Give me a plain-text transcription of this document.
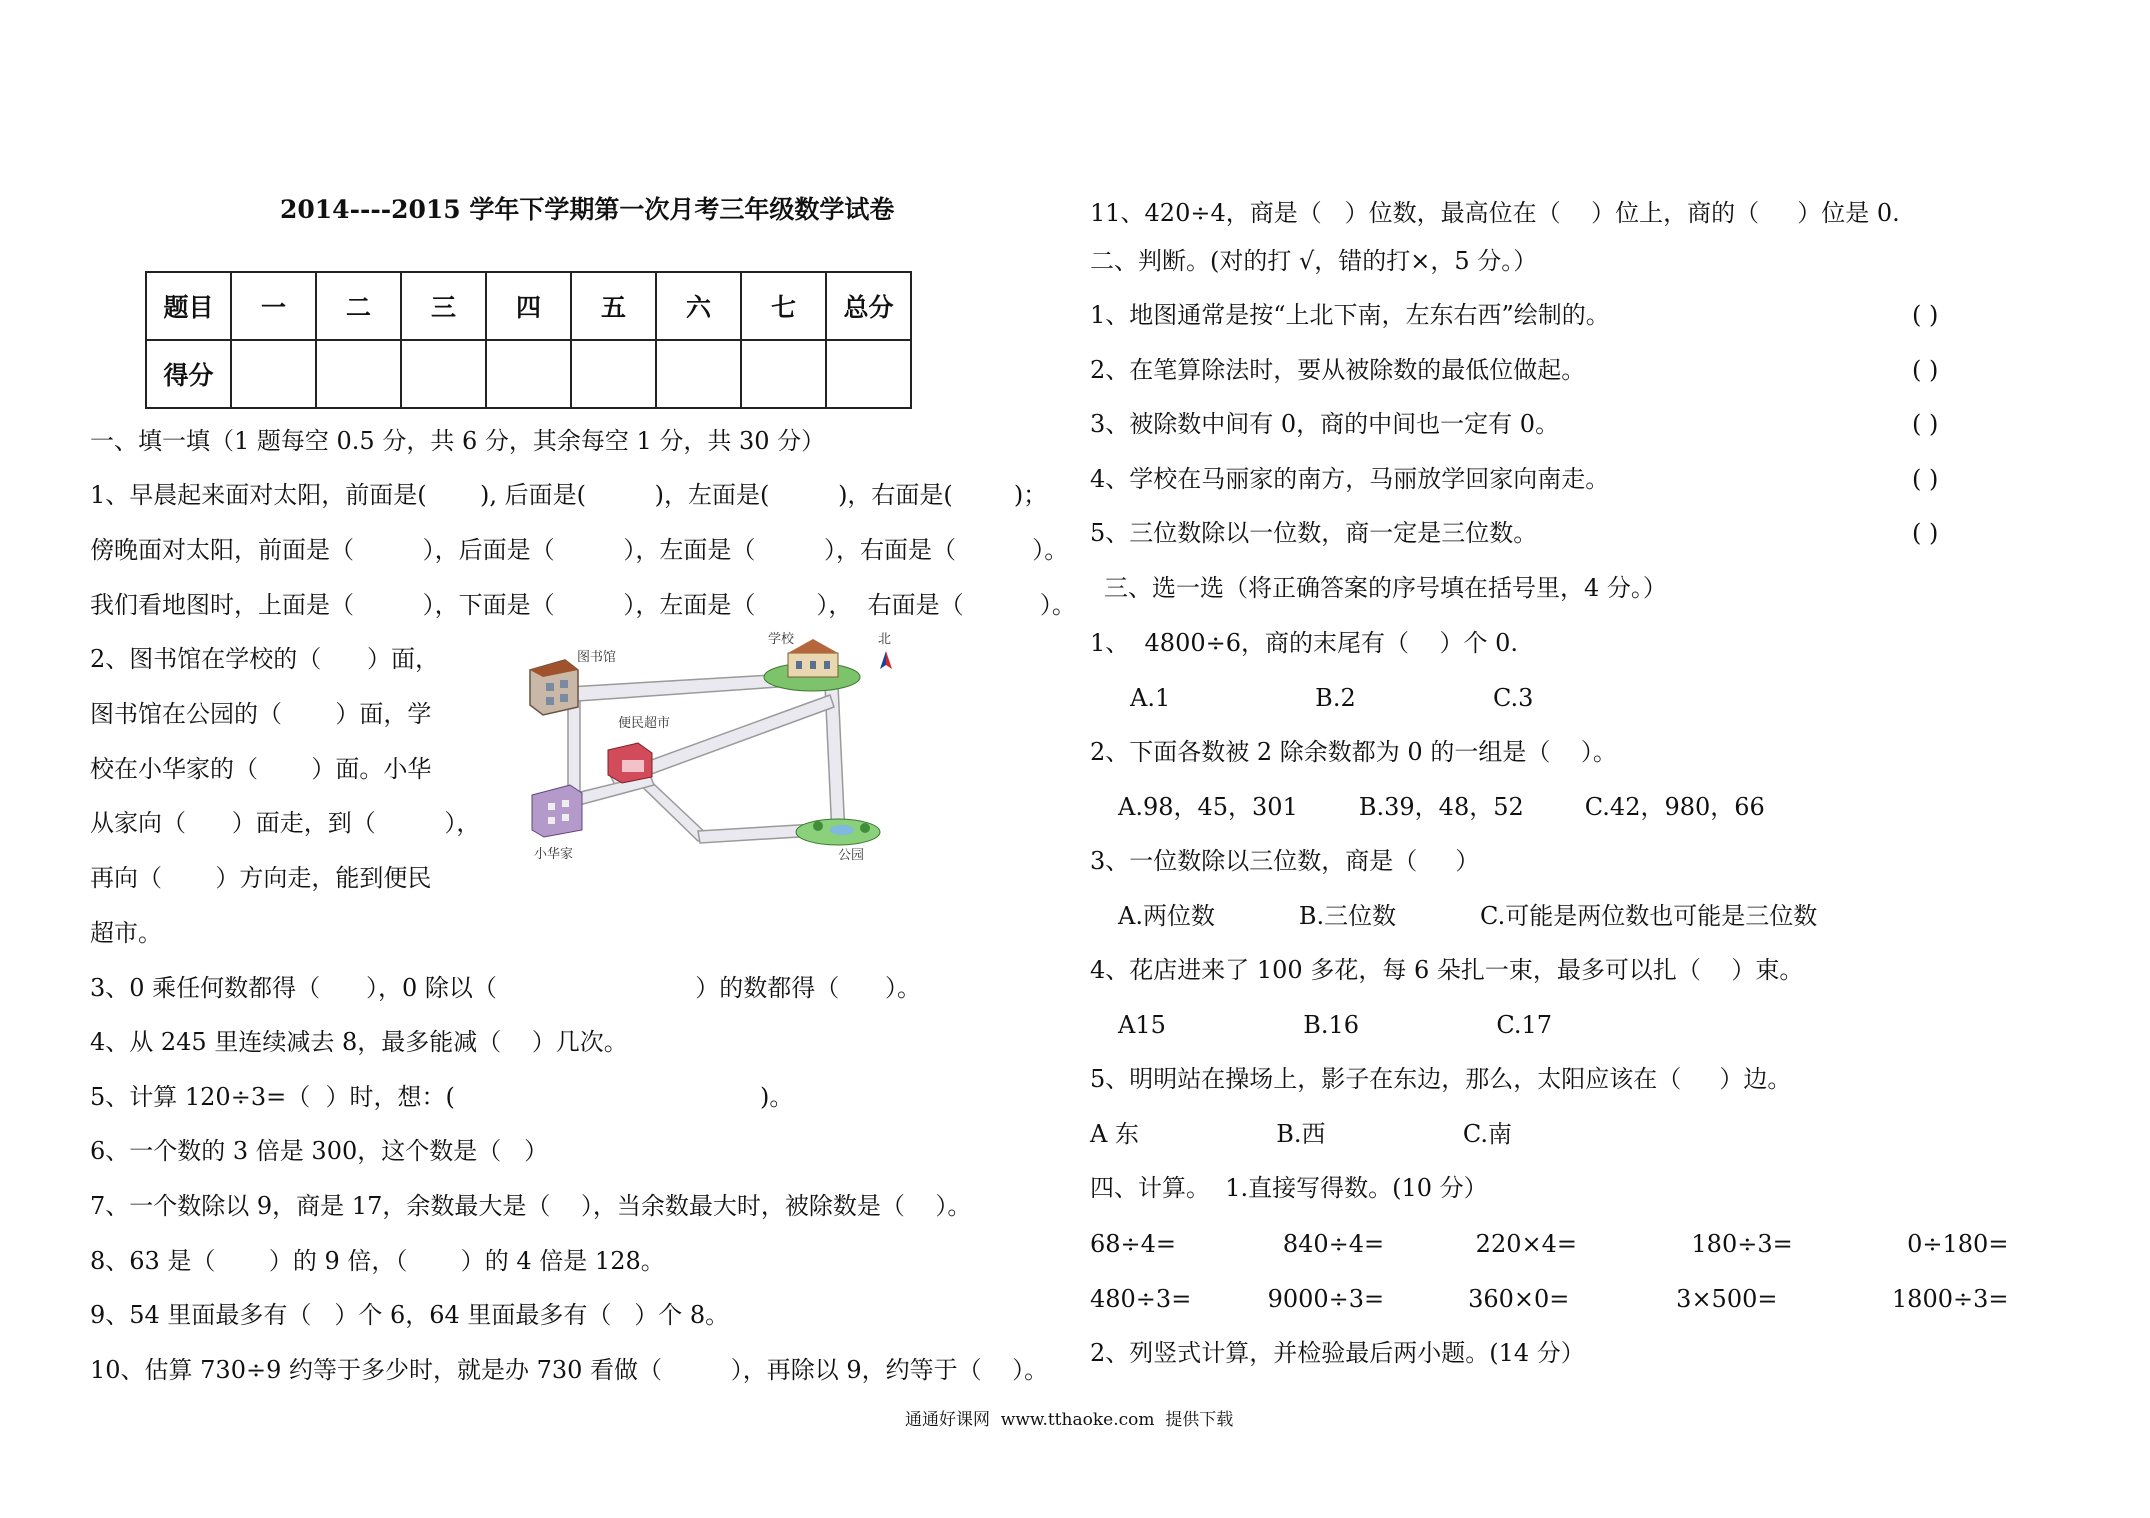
2014----2015 学年下学期第一次月考三年级数学试卷
题目	一	二	三	四	五	六	七	总分
得分								
一、填一填（1 题每空 0.5 分，共 6 分，其余每空 1 分，共 30 分）
1、早晨起来面对太阳，前面是(       ), 后面是(         )，左面是(         )，右面是(        )；
傍晚面对太阳，前面是（         ），后面是（         ），左面是（         ），右面是（          ）。
我们看地图时，上面是（         ），下面是（         ），左面是（        ），  右面是（          ）。
2、图书馆在学校的（      ）面，
图书馆在公园的（       ）面，学
校在小华家的（       ）面。小华
从家向（      ）面走，到（         ），
再向（       ）方向走，能到便民
超市。
图书馆
学校	北
便民超市
小华家	公园
3、0 乘任何数都得（      ），0 除以（                          ）的数都得（      ）。
4、从 245 里连续减去 8，最多能减（    ）几次。
5、计算 120÷3=（  ）时，想：(                                        )。
6、一个数的 3 倍是 300，这个数是（   ）
7、一个数除以 9，商是 17，余数最大是（    ），当余数最大时，被除数是（    ）。
8、63 是（       ）的 9 倍，（       ）的 4 倍是 128。
9、54 里面最多有（   ）个 6，64 里面最多有（   ）个 8。
10、估算 730÷9 约等于多少时，就是办 730 看做（         ），再除以 9，约等于（    ）。
11、420÷4，商是（   ）位数，最高位在（    ）位上，商的（     ）位是 0.
二、判断。(对的打 √，错的打×，5 分。）
1、地图通常是按“上北下南，左东右西”绘制的。	( )
2、在笔算除法时，要从被除数的最低位做起。	( )
3、被除数中间有 0，商的中间也一定有 0。	( )
4、学校在马丽家的南方，马丽放学回家向南走。	( )
5、三位数除以一位数，商一定是三位数。	( )
三、选一选（将正确答案的序号填在括号里，4 分。）
1、  4800÷6，商的末尾有（    ）个 0.
A.1                   B.2                  C.3
2、下面各数被 2 除余数都为 0 的一组是（    ）。
A.98，45，301        B.39，48，52        C.42，980，66
3、一位数除以三位数，商是（     ）
A.两位数           B.三位数           C.可能是两位数也可能是三位数
4、花店进来了 100 多花，每 6 朵扎一束，最多可以扎（    ）束。
A15                  B.16                  C.17
5、明明站在操场上，影子在东边，那么，太阳应该在（     ）边。
A 东                  B.西                  C.南
四、计算。  1.直接写得数。(10 分）
68÷4=              840÷4=            220×4=               180÷3=               0÷180=
480÷3=          9000÷3=           360×0=              3×500=               1800÷3=
2、列竖式计算，并检验最后两小题。(14 分）
通通好课网  www.tthaoke.com  提供下载
